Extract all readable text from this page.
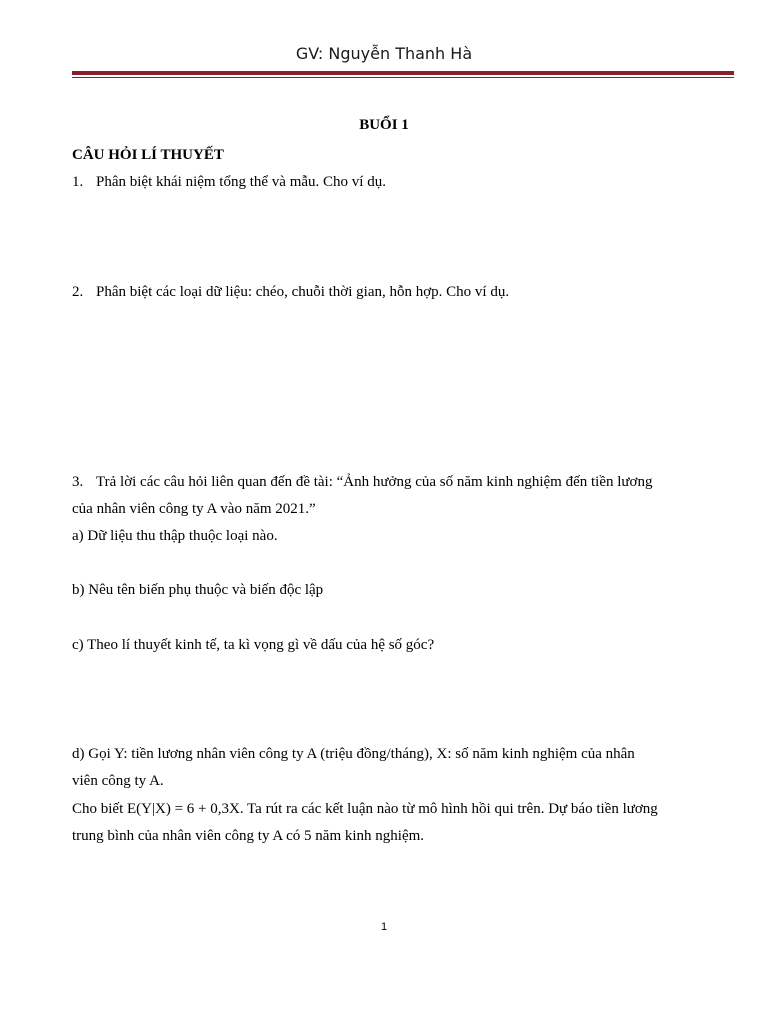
GV: Nguyễn Thanh Hà
BUỔI 1
CÂU HỎI LÍ THUYẾT
1. Phân biệt khái niệm tổng thể và mẫu. Cho ví dụ.
2. Phân biệt các loại dữ liệu: chéo, chuỗi thời gian, hỗn hợp. Cho ví dụ.
3. Trả lời các câu hỏi liên quan đến đề tài: “Ảnh hưởng của số năm kinh nghiệm đến tiền lương
của nhân viên công ty A vào năm 2021.”
a) Dữ liệu thu thập thuộc loại nào.
b) Nêu tên biến phụ thuộc và biến độc lập
c) Theo lí thuyết kinh tế, ta kì vọng gì về dấu của hệ số góc?
d) Gọi Y: tiền lương nhân viên công ty A (triệu đồng/tháng), X: số năm kinh nghiệm của nhân
viên công ty A.
Cho biết E(Y|X) = 6 + 0,3X. Ta rút ra các kết luận nào từ mô hình hồi qui trên. Dự báo tiền lương
trung bình của nhân viên công ty A có 5 năm kinh nghiệm.
1
